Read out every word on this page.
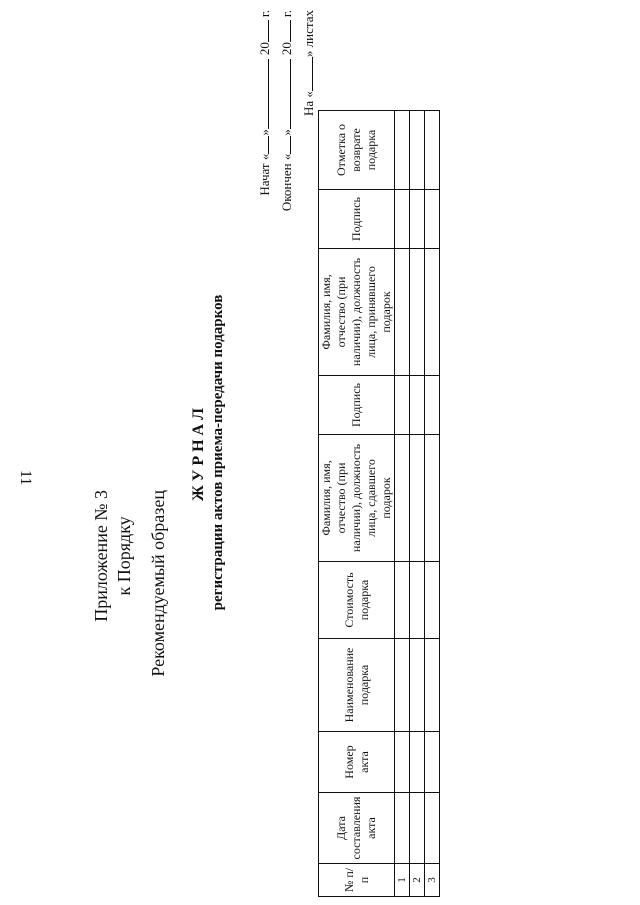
11
Приложение № 3 к Порядку Рекомендуемый образец
ЖУРНАЛ регистрации актов приема-передачи подарков
Начат «
»
20
г.
Окончен «
»
20
г.
На «
» листах
№ п/п	Дата составления акта	Номер акта	Наименование подарка	Стоимость подарка	Фамилия, имя, отчество (при наличии), должность лица, сдавшего подарок	Подпись	Фамилия, имя, отчество (при наличии), должность лица, принявшего подарок	Подпись	Отметка о возврате подарка
1									
2									
3									
